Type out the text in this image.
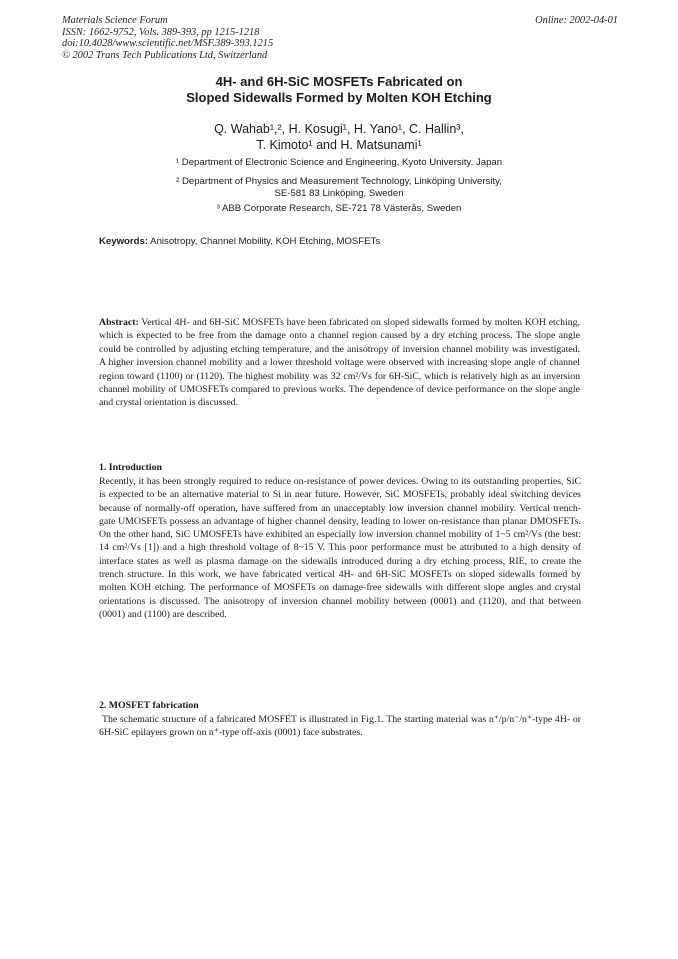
Materials Science Forum
ISSN: 1662-9752, Vols. 389-393, pp 1215-1218
doi:10.4028/www.scientific.net/MSF.389-393.1215
© 2002 Trans Tech Publications Ltd, Switzerland
Online: 2002-04-01
4H- and 6H-SiC MOSFETs Fabricated on
Sloped Sidewalls Formed by Molten KOH Etching
Q. Wahab¹,², H. Kosugi¹, H. Yano¹, C. Hallin³,
T. Kimoto¹ and H. Matsunami¹
¹ Department of Electronic Science and Engineering, Kyoto University, Japan
² Department of Physics and Measurement Technology, Linköping University,
SE-581 83 Linköping, Sweden
³ ABB Corporate Research, SE-721 78 Västerås, Sweden
Keywords: Anisotropy, Channel Mobility, KOH Etching, MOSFETs
Abstract: Vertical 4H- and 6H-SiC MOSFETs have been fabricated on sloped sidewalls formed by molten KOH etching, which is expected to be free from the damage onto a channel region caused by a dry etching process. The slope angle could be controlled by adjusting etching temperature, and the anisotropy of inversion channel mobility was investigated. A higher inversion channel mobility and a lower threshold voltage were observed with increasing slope angle of channel region toward (1100) or (1120). The highest mobility was 32 cm²/Vs for 6H-SiC, which is relatively high as an inversion channel mobility of UMOSFETs compared to previous works. The dependence of device performance on the slope angle and crystal orientation is discussed.
1. Introduction
Recently, it has been strongly required to reduce on-resistance of power devices. Owing to its outstanding properties, SiC is expected to be an alternative material to Si in near future. However, SiC MOSFETs, probably ideal switching devices because of normally-off operation, have suffered from an unacceptably low inversion channel mobility. Vertical trench-gate UMOSFETs possess an advantage of higher channel density, leading to lower on-resistance than planar DMOSFETs. On the other hand, SiC UMOSFETs have exhibited an especially low inversion channel mobility of 1~5 cm²/Vs (the best: 14 cm²/Vs [1]) and a high threshold voltage of 8~15 V. This poor performance must be attributed to a high density of interface states as well as plasma damage on the sidewalls introduced during a dry etching process, RIE, to create the trench structure. In this work, we have fabricated vertical 4H- and 6H-SiC MOSFETs on sloped sidewalls formed by molten KOH etching. The performance of MOSFETs on damage-free sidewalls with different slope angles and crystal orientations is discussed. The anisotropy of inversion channel mobility between (0001) and (1120), and that between (0001) and (1100) are described.
2. MOSFET fabrication
The schematic structure of a fabricated MOSFET is illustrated in Fig.1. The starting material was n⁺/p/n⁻/n⁺-type 4H- or 6H-SiC epilayers grown on n⁺-type off-axis (0001) face substrates.
